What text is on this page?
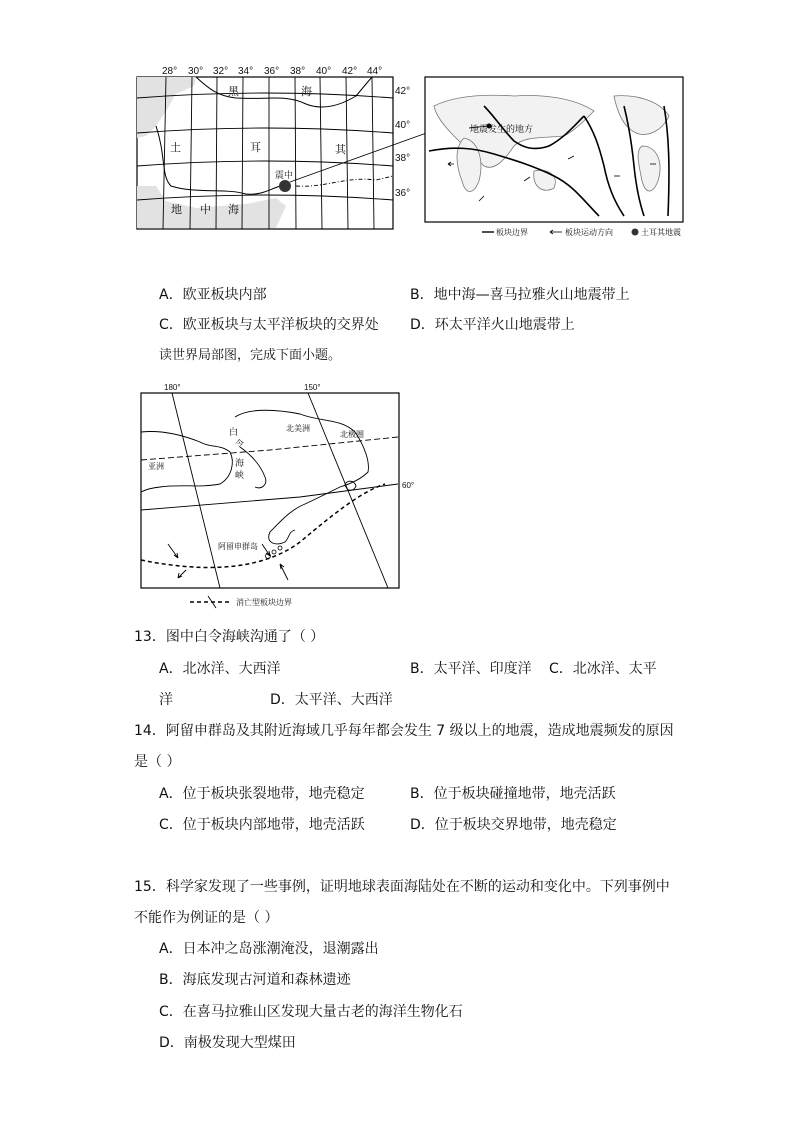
28° 30° 32° 34° 36° 38° 40° 42° 44°
42°
40°
38°
36°
黑	海
土	耳	其
地 中 海
震中
地震发生的地方
板块边界	板块运动方向	土耳其地震
A．欧亚板块内部	B．地中海—喜马拉雅火山地震带上
C．欧亚板块与太平洋板块的交界处 D．环太平洋火山地震带上
读世界局部图，完成下面小题。
180°	150°
60°
北美洲
北极圈
亚洲
白
令
海
峡
阿留申群岛
消亡型板块边界
13．图中白令海峡沟通了（ ）
A．北冰洋、大西洋	B．太平洋、印度洋 C．北冰洋、太平
洋	D．太平洋、大西洋
14．阿留申群岛及其附近海域几乎每年都会发生 7 级以上的地震，造成地震频发的原因
是（ ）
A．位于板块张裂地带，地壳稳定	B．位于板块碰撞地带，地壳活跃
C．位于板块内部地带，地壳活跃	D．位于板块交界地带，地壳稳定
15．科学家发现了一些事例，证明地球表面海陆处在不断的运动和变化中。下列事例中
不能作为例证的是（ ）
A．日本冲之岛涨潮淹没，退潮露出
B．海底发现古河道和森林遗迹
C．在喜马拉雅山区发现大量古老的海洋生物化石
D．南极发现大型煤田
